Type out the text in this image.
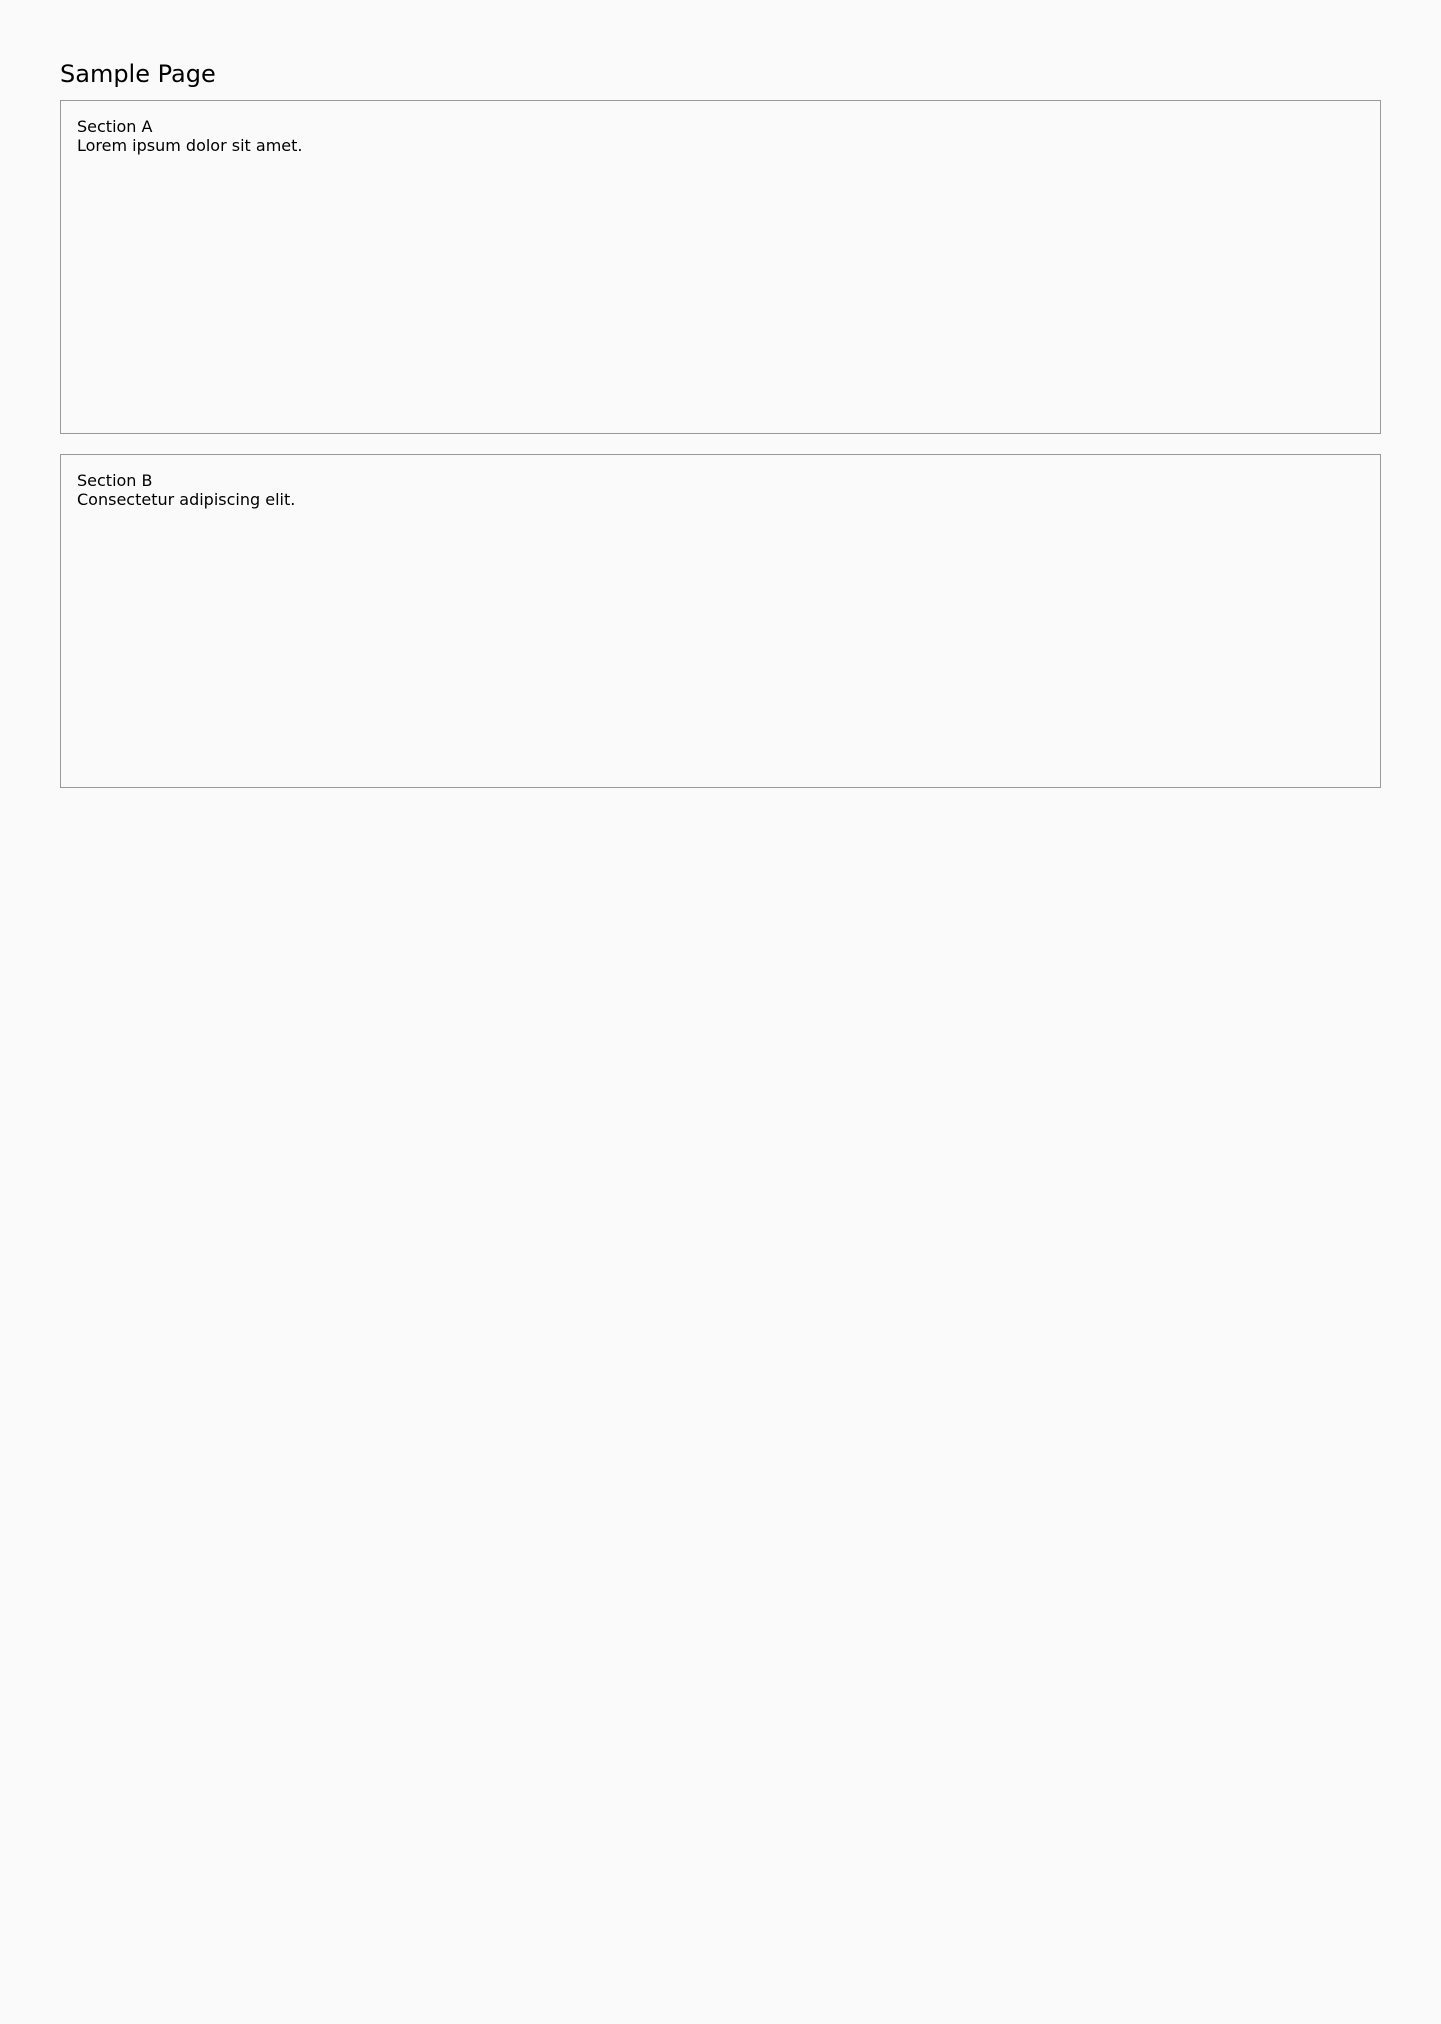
Sample Page
Section A
Lorem ipsum dolor sit amet.
Section B
Consectetur adipiscing elit.
